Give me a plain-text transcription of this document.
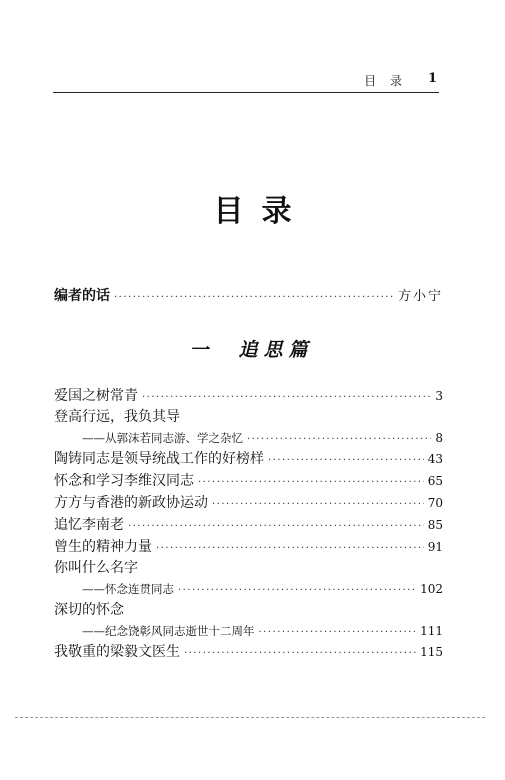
目 录 1
目录
编者的话 ·····	方小宁
一 追思篇
爱国之树常青 ·····	3
登高行远，我负其导
——从郭沫若同志游、学之杂忆 ·····	8
陶铸同志是领导统战工作的好榜样 ·····	43
怀念和学习李维汉同志 ·····	65
方方与香港的新政协运动 ·····	70
追忆李南老 ·····	85
曾生的精神力量 ·····	91
你叫什么名字
——怀念连贯同志 ·····	102
深切的怀念
——纪念饶彰风同志逝世十二周年 ·····	111
我敬重的梁毅文医生 ·····	115
